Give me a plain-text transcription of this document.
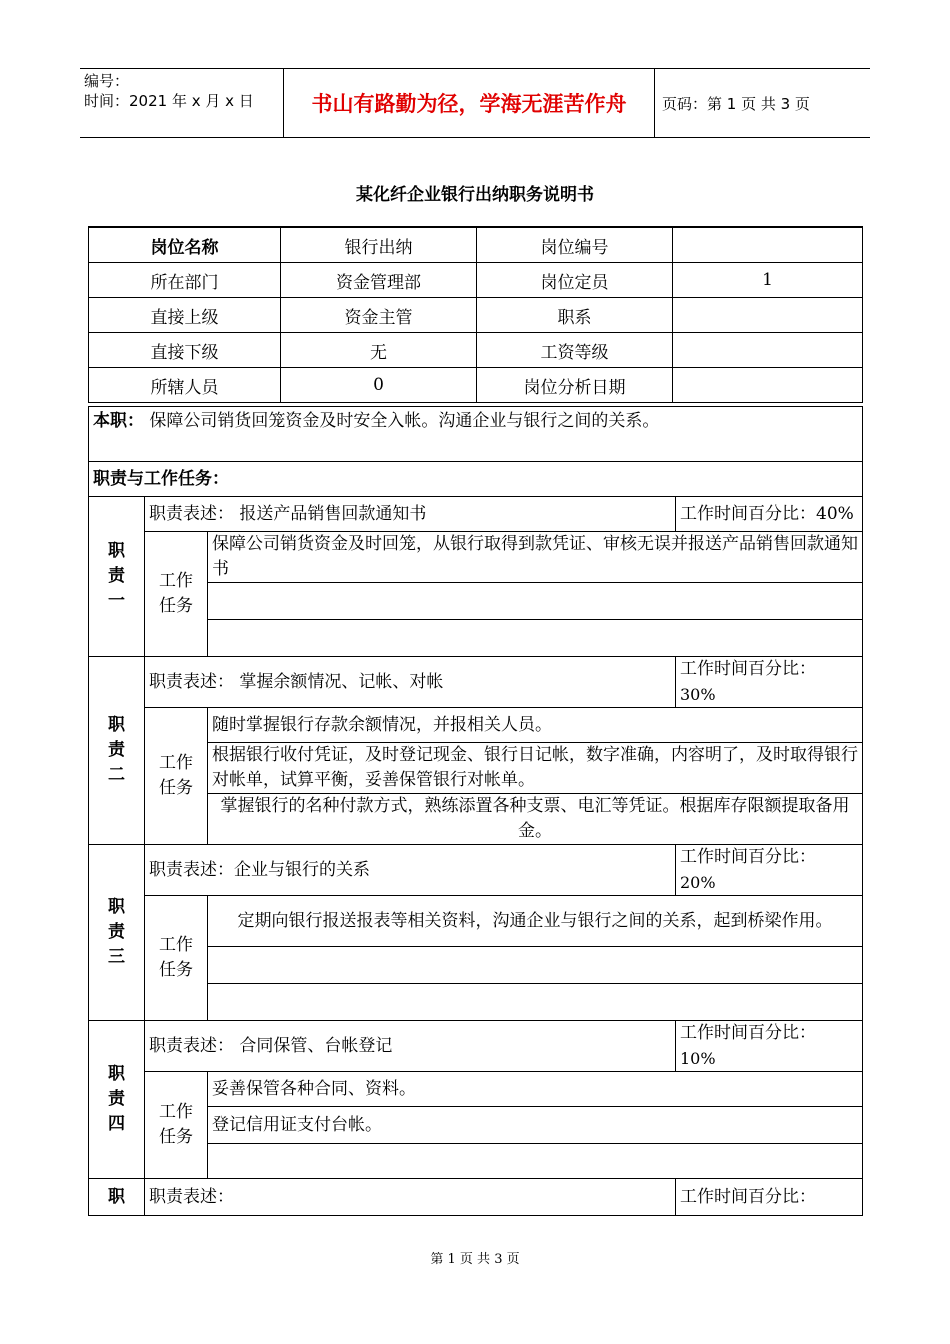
编号：
时间：2021 年 x 月 x 日	书山有路勤为径，学海无涯苦作舟	页码：第 1 页 共 3 页
某化纤企业银行出纳职务说明书
岗位名称	银行出纳	岗位编号	
所在部门	资金管理部	岗位定员	1
直接上级	资金主管	职系	
直接下级	无	工资等级	
所辖人员	0	岗位分析日期	
本职： 保障公司销货回笼资金及时安全入帐。沟通企业与银行之间的关系。			
职责与工作任务：			

职责一	职责表述： 报送产品销售回款通知书		工作时间百分比：40%

	工作任务	保障公司销货资金及时回笼，从银行取得到款凭证、审核无误并报送产品销售回款通知书	

职责二	职责表述： 掌握余额情况、记帐、对帐		工作时间百分比：
30%

	工作任务	随时掌握银行存款余额情况，并报相关人员。	
		根据银行收付凭证，及时登记现金、银行日记帐，数字准确，内容明了，及时取得银行对帐单，试算平衡，妥善保管银行对帐单。	
		掌握银行的名种付款方式，熟练添置各种支票、电汇等凭证。根据库存限额提取备用金。	

职责三	职责表述：企业与银行的关系		工作时间百分比：
20%

	工作任务	定期向银行报送报表等相关资料，沟通企业与银行之间的关系，起到桥梁作用。	

职责四	职责表述： 合同保管、台帐登记		工作时间百分比：
10%

	工作任务	妥善保管各种合同、资料。	
		登记信用证支付台帐。	

职	职责表述：		工作时间百分比：
第 1 页 共 3 页
